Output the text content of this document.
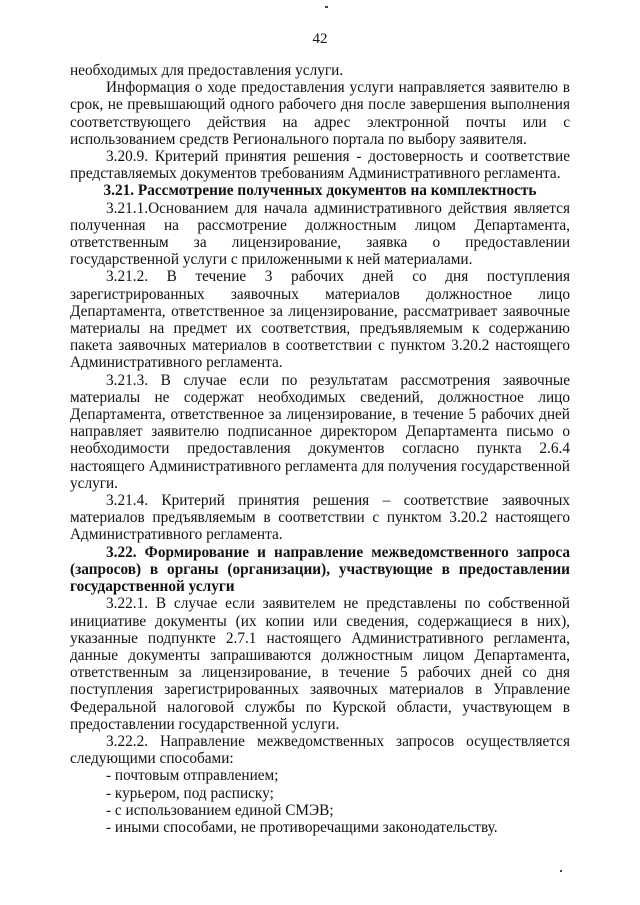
42

необходимых для предоставления услуги.

Информация о ходе предоставления услуги направляется заявителю в срок, не превышающий одного рабочего дня после завершения выполнения соответствующего действия на адрес электронной почты или с использованием средств Регионального портала по выбору заявителя.

3.20.9. Критерий принятия решения - достоверность и соответствие представляемых документов требованиям Административного регламента.

3.21. Рассмотрение полученных документов на комплектность

3.21.1.Основанием для начала административного действия является полученная на рассмотрение должностным лицом Департамента, ответственным за лицензирование, заявка о предоставлении государственной услуги с приложенными к ней материалами.

3.21.2. В течение 3 рабочих дней со дня поступления зарегистрированных заявочных материалов должностное лицо Департамента, ответственное за лицензирование, рассматривает заявочные материалы на предмет их соответствия, предъявляемым к содержанию пакета заявочных материалов в соответствии с пунктом 3.20.2 настоящего Административного регламента.

3.21.3. В случае если по результатам рассмотрения заявочные материалы не содержат необходимых сведений, должностное лицо Департамента, ответственное за лицензирование, в течение 5 рабочих дней направляет заявителю подписанное директором Департамента письмо о необходимости предоставления документов согласно пункта 2.6.4 настоящего Административного регламента для получения государственной услуги.

3.21.4. Критерий принятия решения – соответствие заявочных материалов предъявляемым в соответствии с пунктом 3.20.2 настоящего Административного регламента.

3.22. Формирование и направление межведомственного запроса (запросов) в органы (организации), участвующие в предоставлении государственной услуги

3.22.1. В случае если заявителем не представлены по собственной инициативе документы (их копии или сведения, содержащиеся в них), указанные подпункте 2.7.1 настоящего Административного регламента, данные документы запрашиваются должностным лицом Департамента, ответственным за лицензирование, в течение 5 рабочих дней со дня поступления зарегистрированных заявочных материалов в Управление Федеральной налоговой службы по Курской области, участвующем в предоставлении государственной услуги.

3.22.2. Направление межведомственных запросов осуществляется следующими способами:

- почтовым отправлением;

- курьером, под расписку;

- с использованием единой СМЭВ;

- иными способами, не противоречащими законодательству.
